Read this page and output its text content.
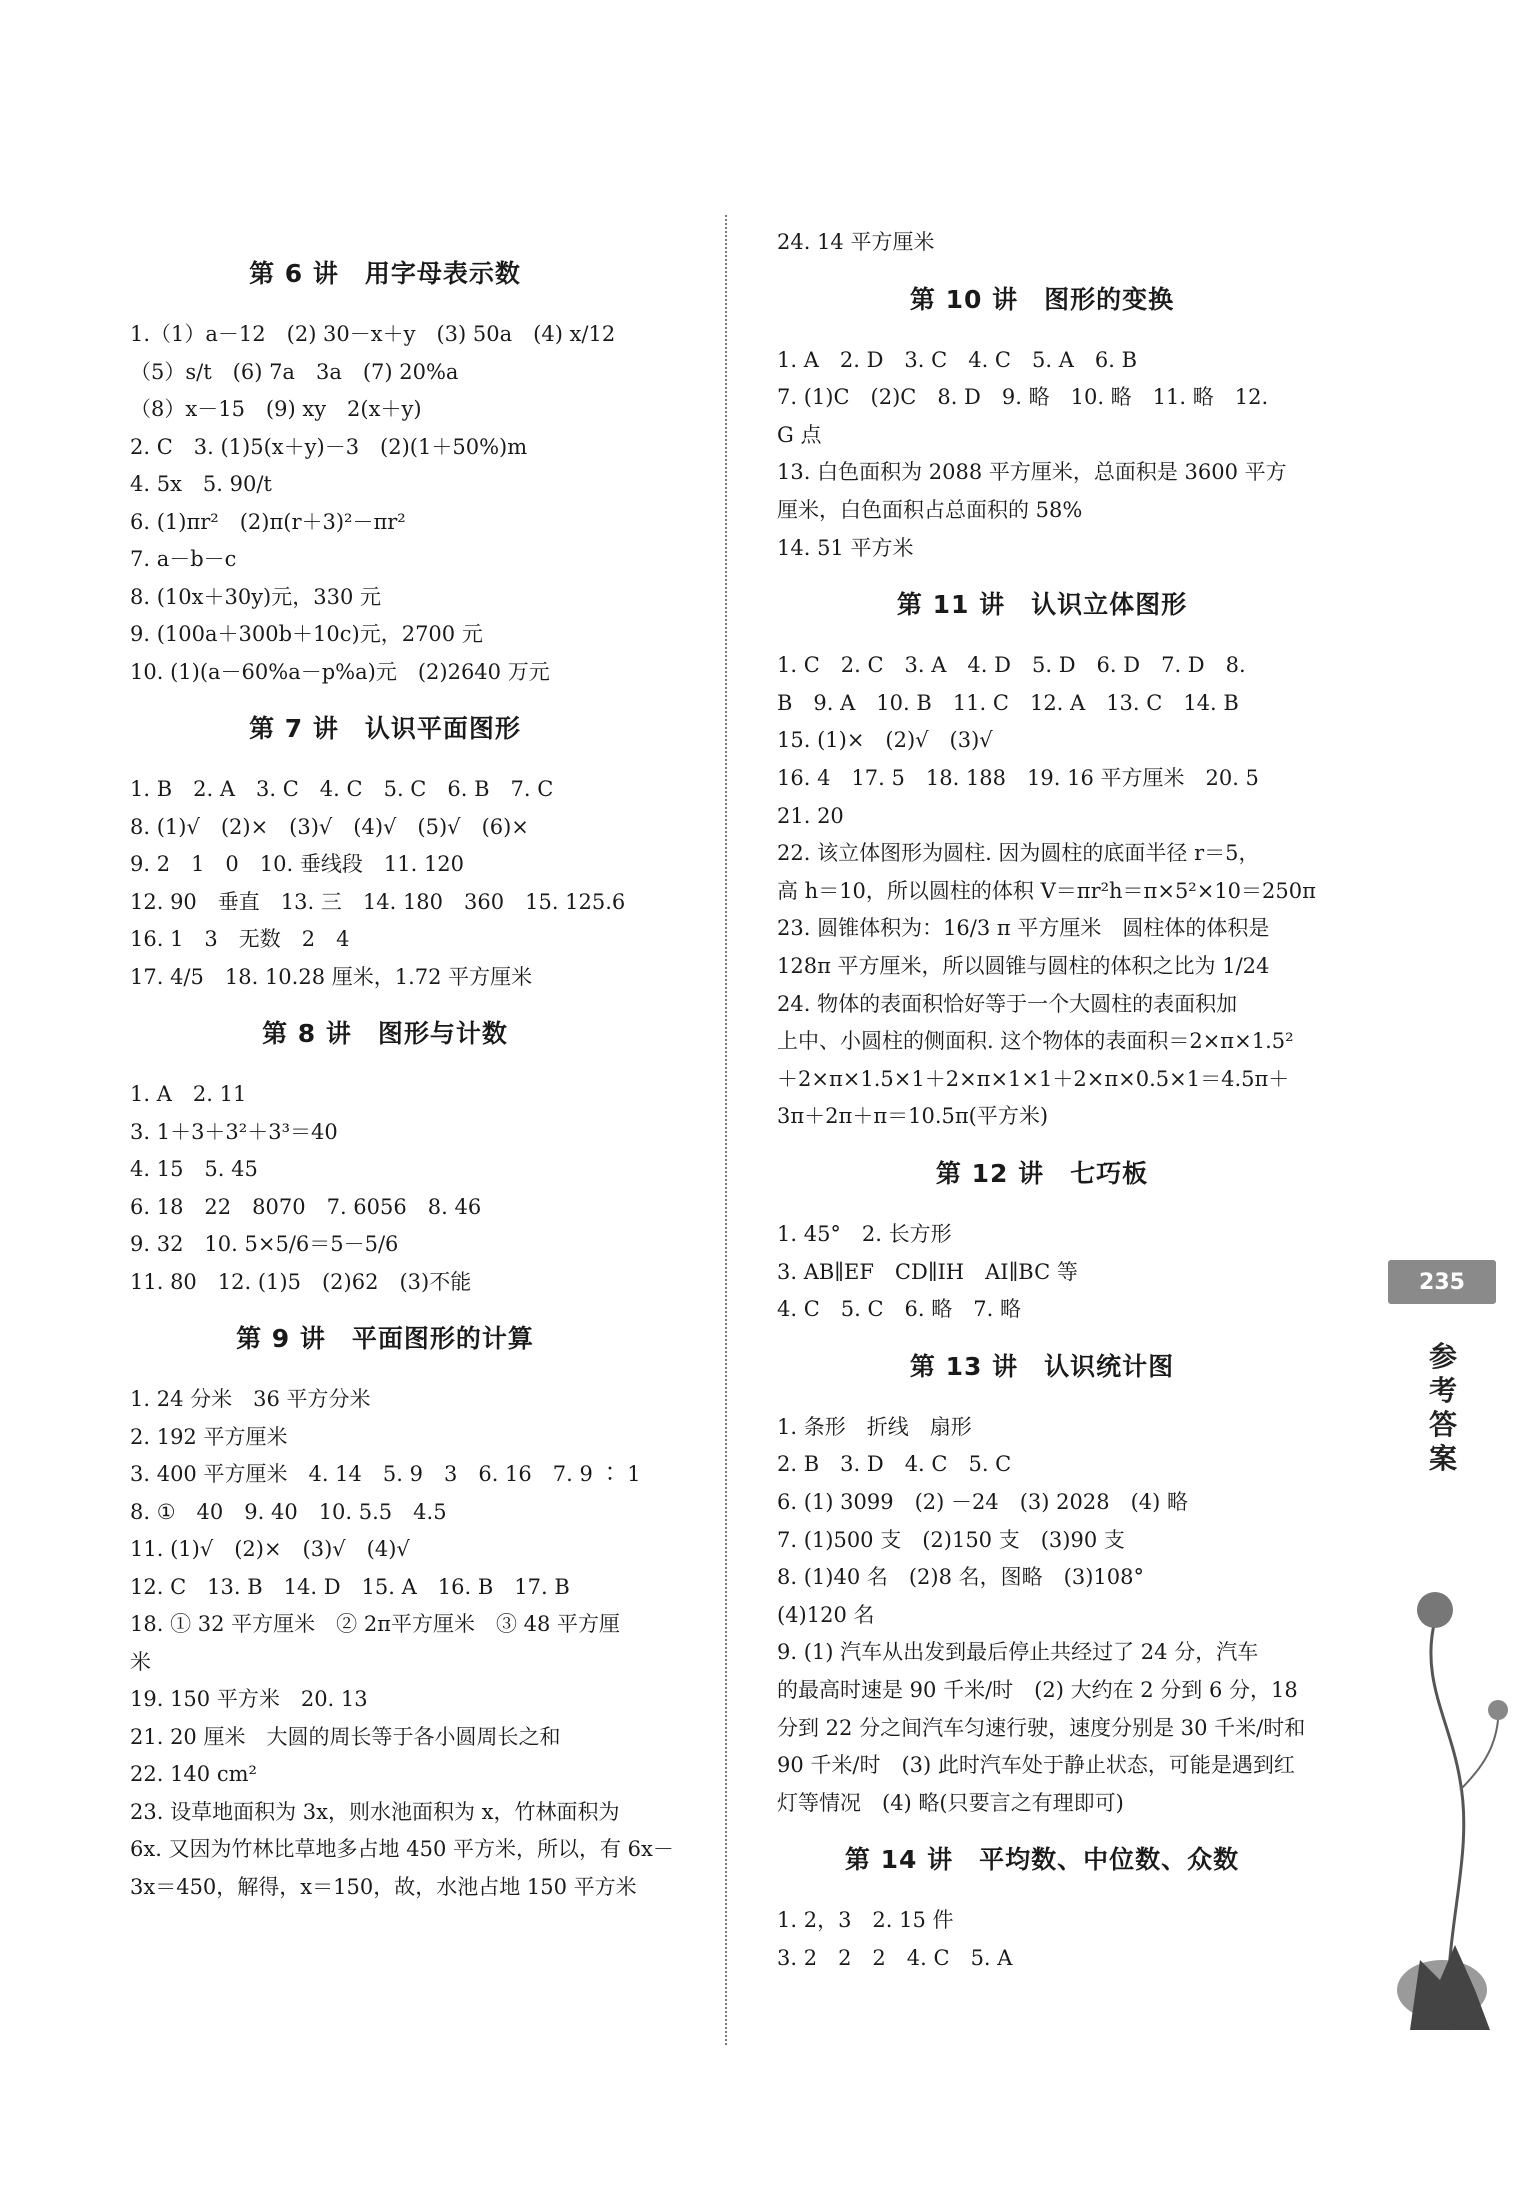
第 6 讲　用字母表示数
1.（1）a－12　(2) 30－x＋y　(3) 50a　(4) x/12
（5）s/t　(6) 7a　3a　(7) 20%a
（8）x－15　(9) xy　2(x＋y)
2. C　3. (1)5(x＋y)－3　(2)(1＋50%)m
4. 5x　5. 90/t
6. (1)πr²　(2)π(r＋3)²－πr²
7. a－b－c
8. (10x＋30y)元，330 元
9. (100a＋300b＋10c)元，2700 元
10. (1)(a－60%a－p%a)元　(2)2640 万元
第 7 讲　认识平面图形
1. B　2. A　3. C　4. C　5. C　6. B　7. C
8. (1)√　(2)×　(3)√　(4)√　(5)√　(6)×
9. 2　1　0　10. 垂线段　11. 120
12. 90　垂直　13. 三　14. 180　360　15. 125.6
16. 1　3　无数　2　4
17. 4/5　18. 10.28 厘米，1.72 平方厘米
第 8 讲　图形与计数
1. A　2. 11
3. 1＋3＋3²＋3³＝40
4. 15　5. 45
6. 18　22　8070　7. 6056　8. 46
9. 32　10. 5×5/6＝5－5/6
11. 80　12. (1)5　(2)62　(3)不能
第 9 讲　平面图形的计算
1. 24 分米　36 平方分米
2. 192 平方厘米
3. 400 平方厘米　4. 14　5. 9　3　6. 16　7. 9 ∶ 1
8. ①　40　9. 40　10. 5.5　4.5
11. (1)√　(2)×　(3)√　(4)√
12. C　13. B　14. D　15. A　16. B　17. B
18. ① 32 平方厘米　② 2π平方厘米　③ 48 平方厘
米
19. 150 平方米　20. 13
21. 20 厘米　大圆的周长等于各小圆周长之和
22. 140 cm²
23. 设草地面积为 3x，则水池面积为 x，竹林面积为
6x. 又因为竹林比草地多占地 450 平方米，所以，有 6x－
3x＝450，解得，x＝150，故，水池占地 150 平方米
24. 14 平方厘米
第 10 讲　图形的变换
1. A　2. D　3. C　4. C　5. A　6. B
7. (1)C　(2)C　8. D　9. 略　10. 略　11. 略　12.
G 点
13. 白色面积为 2088 平方厘米，总面积是 3600 平方
厘米，白色面积占总面积的 58%
14. 51 平方米
第 11 讲　认识立体图形
1. C　2. C　3. A　4. D　5. D　6. D　7. D　8.
B　9. A　10. B　11. C　12. A　13. C　14. B
15. (1)×　(2)√　(3)√
16. 4　17. 5　18. 188　19. 16 平方厘米　20. 5
21. 20
22. 该立体图形为圆柱. 因为圆柱的底面半径 r＝5，
高 h＝10，所以圆柱的体积 V＝πr²h＝π×5²×10＝250π
23. 圆锥体积为：16/3 π 平方厘米　圆柱体的体积是
128π 平方厘米，所以圆锥与圆柱的体积之比为 1/24
24. 物体的表面积恰好等于一个大圆柱的表面积加
上中、小圆柱的侧面积. 这个物体的表面积＝2×π×1.5²
＋2×π×1.5×1＋2×π×1×1＋2×π×0.5×1＝4.5π＋
3π＋2π＋π＝10.5π(平方米)
第 12 讲　七巧板
1. 45°　2. 长方形
3. AB∥EF　CD∥IH　AI∥BC 等
4. C　5. C　6. 略　7. 略
第 13 讲　认识统计图
1. 条形　折线　扇形
2. B　3. D　4. C　5. C
6. (1) 3099　(2) －24　(3) 2028　(4) 略
7. (1)500 支　(2)150 支　(3)90 支
8. (1)40 名　(2)8 名，图略　(3)108°
(4)120 名
9. (1) 汽车从出发到最后停止共经过了 24 分，汽车
的最高时速是 90 千米/时　(2) 大约在 2 分到 6 分，18
分到 22 分之间汽车匀速行驶，速度分别是 30 千米/时和
90 千米/时　(3) 此时汽车处于静止状态，可能是遇到红
灯等情况　(4) 略(只要言之有理即可)
第 14 讲　平均数、中位数、众数
1. 2，3　2. 15 件
3. 2　2　2　4. C　5. A
235
参考答案
